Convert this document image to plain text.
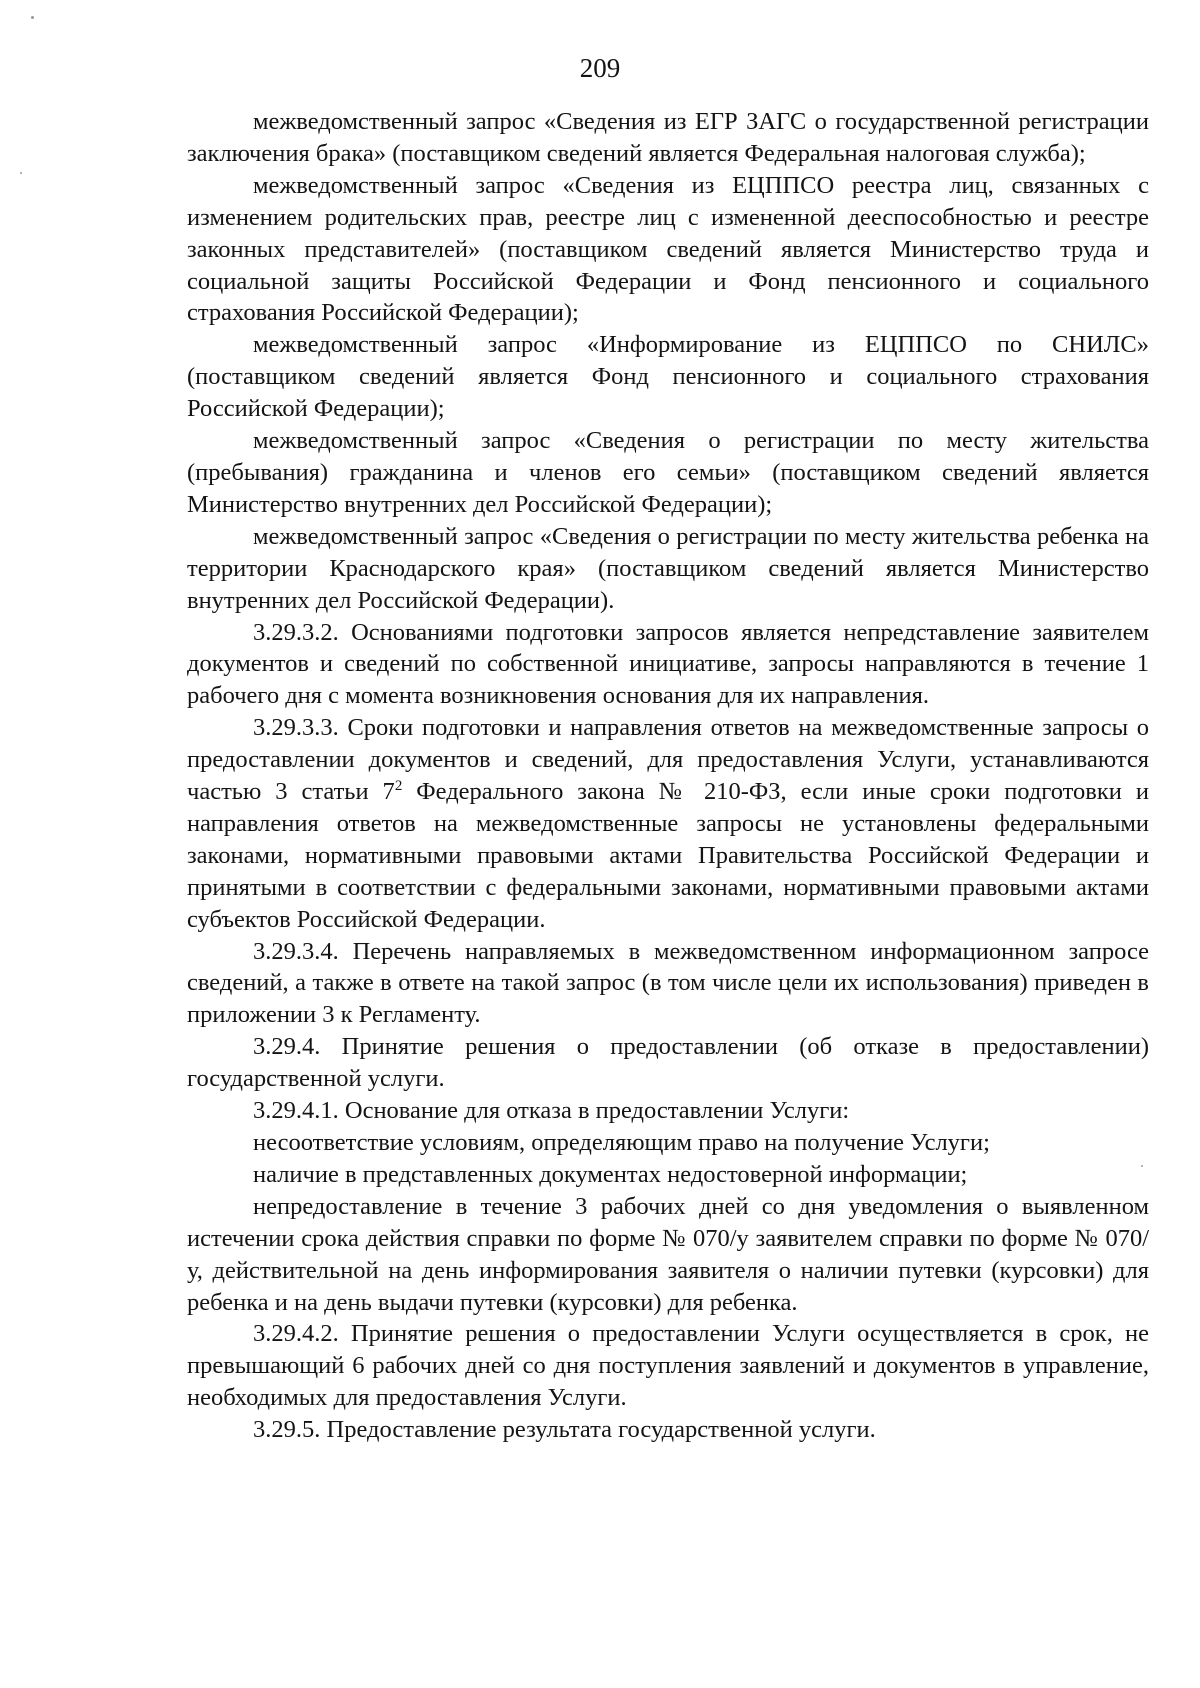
209

межведомственный запрос «Сведения из ЕГР ЗАГС о государственной регистрации заключения брака» (поставщиком сведений является Федеральная налоговая служба);

межведомственный запрос «Сведения из ЕЦППСО реестра лиц, связанных с изменением родительских прав, реестре лиц с измененной дееспособностью и реестре законных представителей» (поставщиком сведений является Министерство труда и социальной защиты Российской Федерации и Фонд пенсионного и социального страхования Российской Федерации);

межведомственный запрос «Информирование из ЕЦППСО по СНИЛС» (поставщиком сведений является Фонд пенсионного и социального страхования Российской Федерации);

межведомственный запрос «Сведения о регистрации по месту жительства (пребывания) гражданина и членов его семьи» (поставщиком сведений является Министерство внутренних дел Российской Федерации);

межведомственный запрос «Сведения о регистрации по месту жительства ребенка на территории Краснодарского края» (поставщиком сведений является Министерство внутренних дел Российской Федерации).

3.29.3.2. Основаниями подготовки запросов является непредставление заявителем документов и сведений по собственной инициативе, запросы направляются в течение 1 рабочего дня с момента возникновения основания для их направления.

3.29.3.3. Сроки подготовки и направления ответов на межведомственные запросы о предоставлении документов и сведений, для предоставления Услуги, устанавливаются частью 3 статьи $7^2$ Федерального закона № 210-ФЗ, если иные сроки подготовки и направления ответов на межведомственные запросы не установлены федеральными законами, нормативными правовыми актами Правительства Российской Федерации и принятыми в соответствии с федеральными законами, нормативными правовыми актами субъектов Российской Федерации.

3.29.3.4. Перечень направляемых в межведомственном информационном запросе сведений, а также в ответе на такой запрос (в том числе цели их использования) приведен в приложении 3 к Регламенту.

3.29.4. Принятие решения о предоставлении (об отказе в предоставлении) государственной услуги.

3.29.4.1. Основание для отказа в предоставлении Услуги:

несоответствие условиям, определяющим право на получение Услуги;

наличие в представленных документах недостоверной информации;

непредоставление в течение 3 рабочих дней со дня уведомления о выявленном истечении срока действия справки по форме № 070/у заявителем справки по форме № 070/у, действительной на день информирования заявителя о наличии путевки (курсовки) для ребенка и на день выдачи путевки (курсовки) для ребенка.

3.29.4.2. Принятие решения о предоставлении Услуги осуществляется в срок, не превышающий 6 рабочих дней со дня поступления заявлений и документов в управление, необходимых для предоставления Услуги.

3.29.5. Предоставление результата государственной услуги.
